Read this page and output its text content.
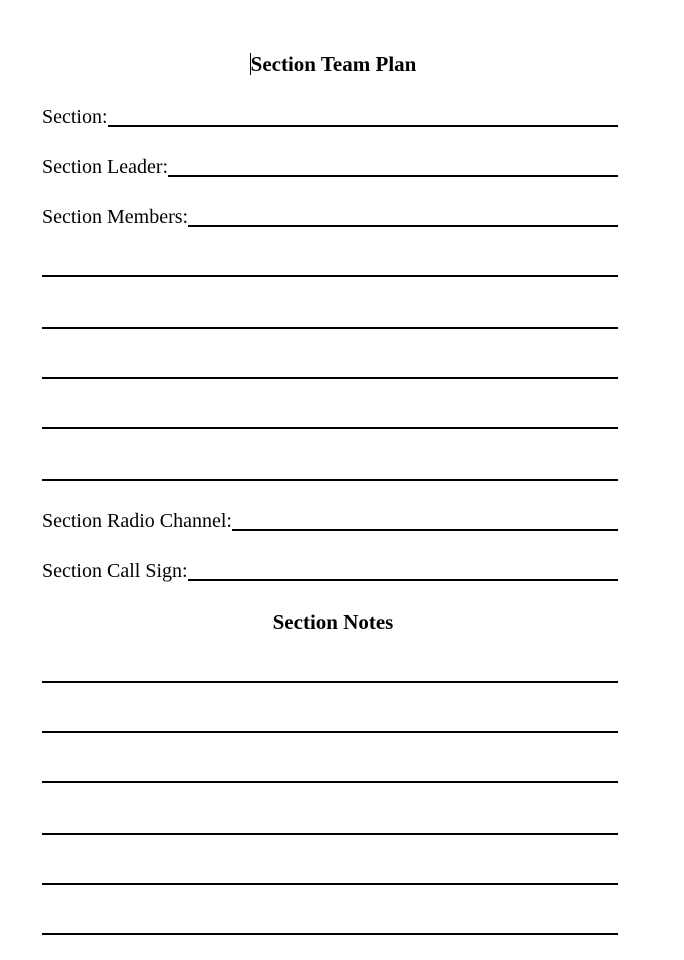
Section Team Plan
Section:
Section Leader:
Section Members:
Section Radio Channel:
Section Call Sign:
Section Notes
